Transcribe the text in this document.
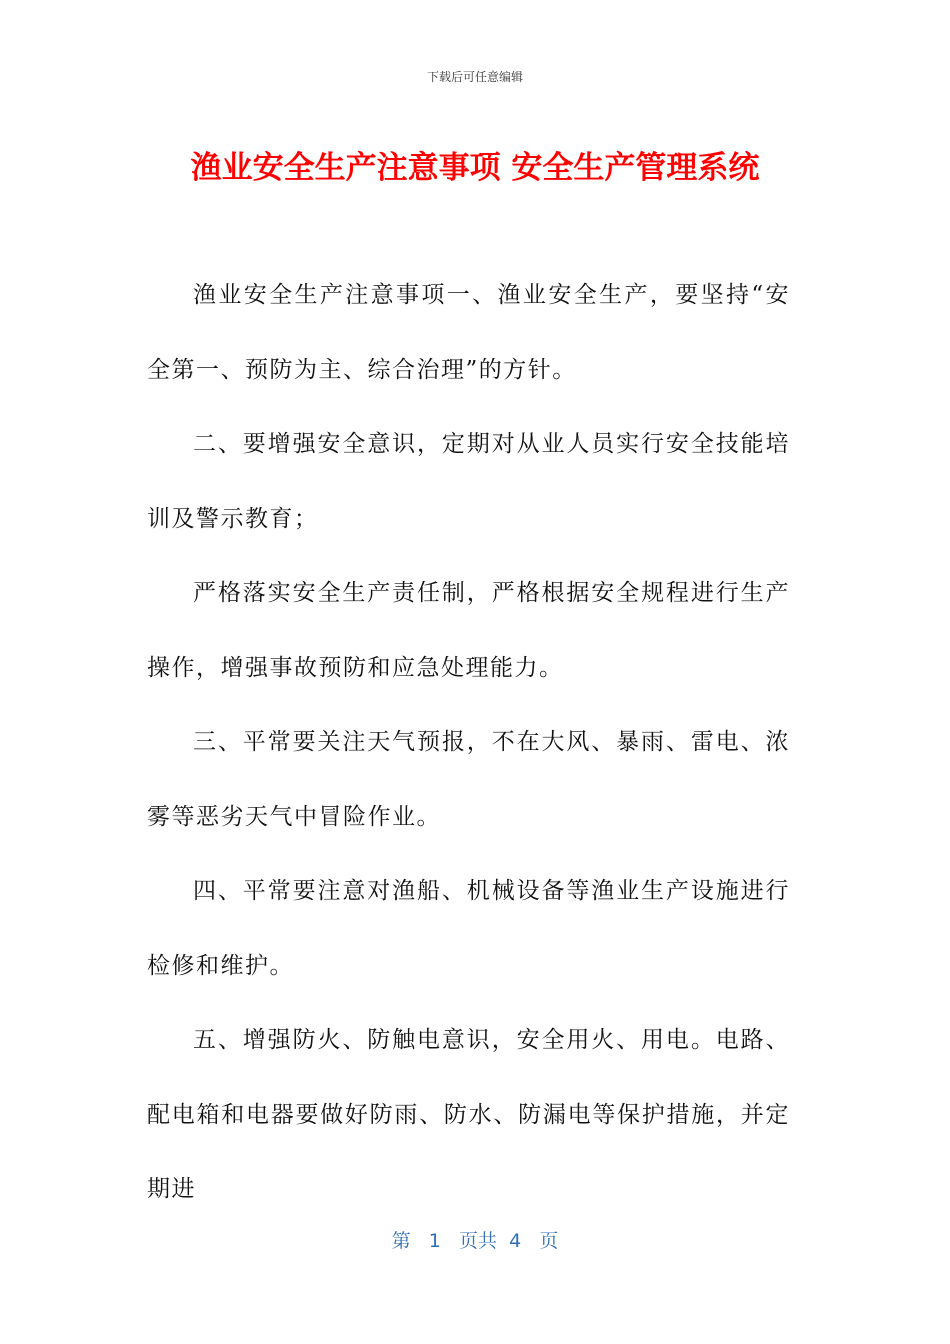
下载后可任意编辑
渔业安全生产注意事项 安全生产管理系统

渔业安全生产注意事项一、渔业安全生产，要坚持“安全第一、预防为主、综合治理”的方针。

二、要增强安全意识，定期对从业人员实行安全技能培训及警示教育；

严格落实安全生产责任制，严格根据安全规程进行生产操作，增强事故预防和应急处理能力。

三、平常要关注天气预报，不在大风、暴雨、雷电、浓雾等恶劣天气中冒险作业。

四、平常要注意对渔船、机械设备等渔业生产设施进行检修和维护。

五、增强防火、防触电意识，安全用火、用电。电路、配电箱和电器要做好防雨、防水、防漏电等保护措施，并定期进

第 1 页共 4 页
